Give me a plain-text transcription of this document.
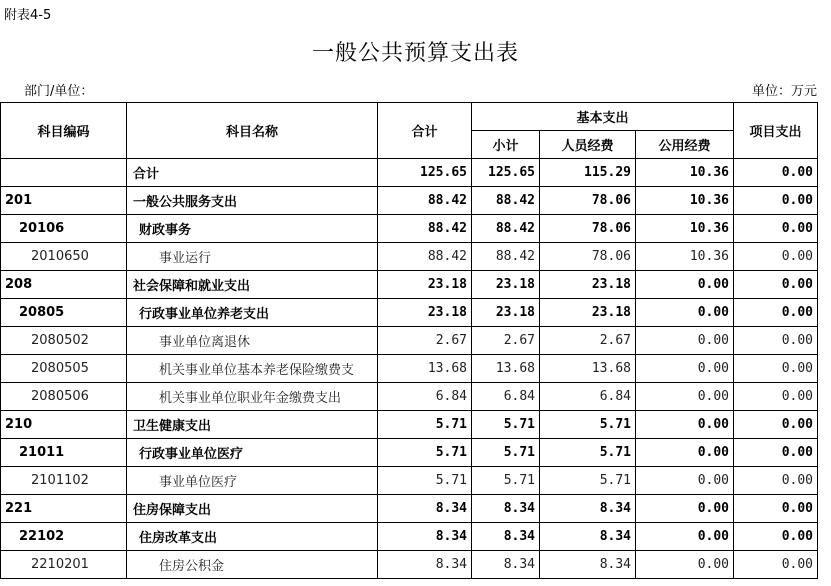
附表4-5
一般公共预算支出表
部门/单位：	单位：万元
科目编码	科目名称	合计	基本支出			项目支出
			小计	人员经费	公用经费	
	合计	125.65	125.65	115.29	10.36	0.00
201	一般公共服务支出	88.42	88.42	78.06	10.36	0.00
20106	财政事务	88.42	88.42	78.06	10.36	0.00
2010650	事业运行	88.42	88.42	78.06	10.36	0.00
208	社会保障和就业支出	23.18	23.18	23.18	0.00	0.00
20805	行政事业单位养老支出	23.18	23.18	23.18	0.00	0.00
2080502	事业单位离退休	2.67	2.67	2.67	0.00	0.00
2080505	机关事业单位基本养老保险缴费支	13.68	13.68	13.68	0.00	0.00
2080506	机关事业单位职业年金缴费支出	6.84	6.84	6.84	0.00	0.00
210	卫生健康支出	5.71	5.71	5.71	0.00	0.00
21011	行政事业单位医疗	5.71	5.71	5.71	0.00	0.00
2101102	事业单位医疗	5.71	5.71	5.71	0.00	0.00
221	住房保障支出	8.34	8.34	8.34	0.00	0.00
22102	住房改革支出	8.34	8.34	8.34	0.00	0.00
2210201	住房公积金	8.34	8.34	8.34	0.00	0.00
